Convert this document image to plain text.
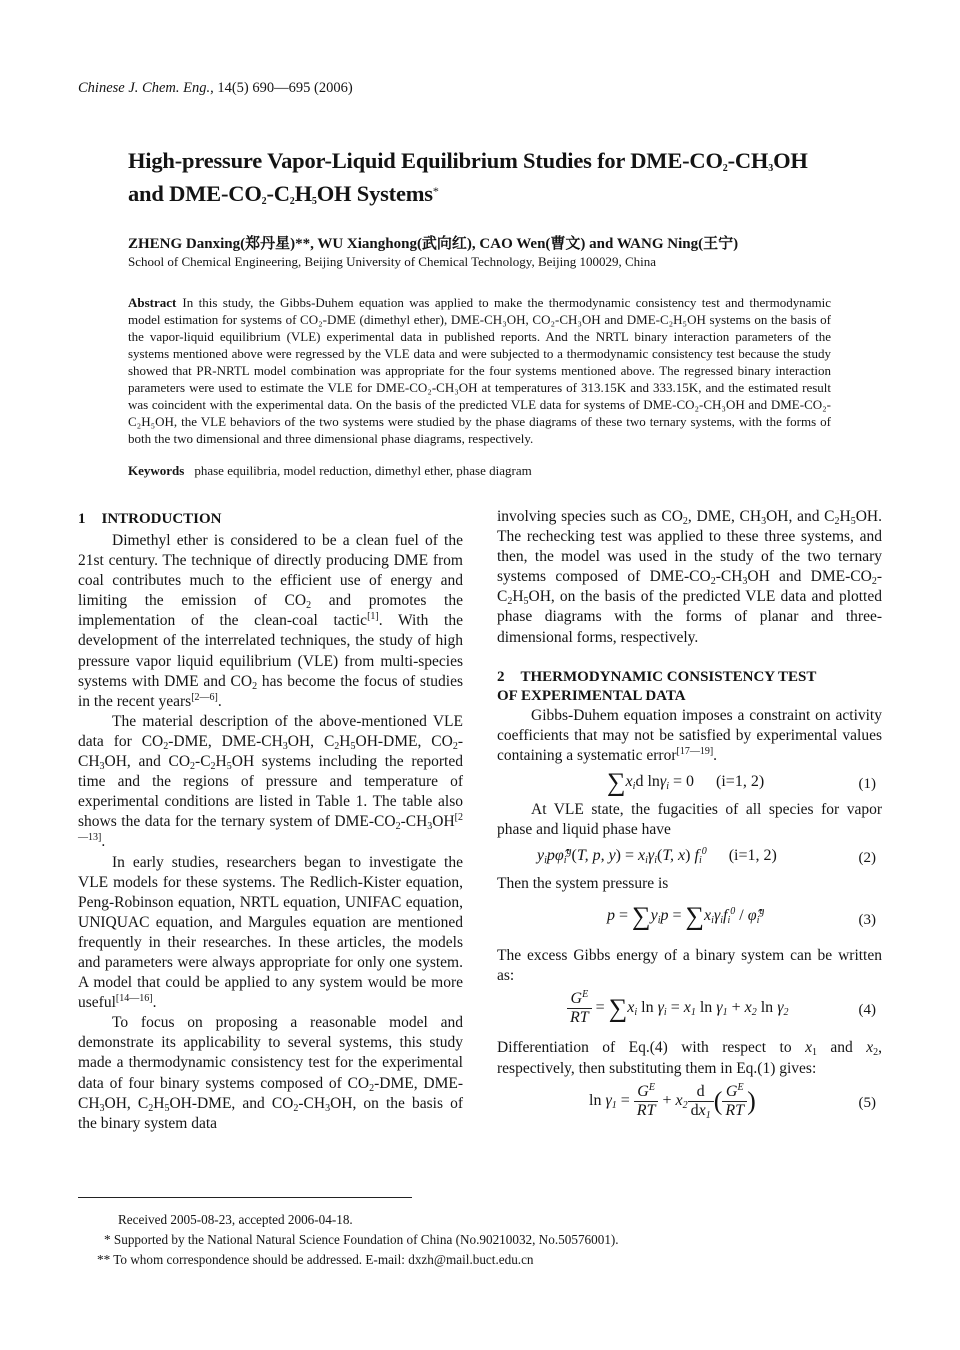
Chinese J. Chem. Eng., 14(5) 690—695 (2006)
High-pressure Vapor-Liquid Equilibrium Studies for DME-$CO_2-CH_3OH$
and DME-$CO_2-C_2H_5OH$ Systems*
ZHENG Danxing(郑丹星)**, WU Xianghong(武向红), CAO Wen(曹文) and WANG Ning(王宁)
School of Chemical Engineering, Beijing University of Chemical Technology, Beijing 100029, China
Abstract In this study, the Gibbs-Duhem equation was applied to make the thermodynamic consistency test and thermodynamic model estimation for systems of CO₂-DME (dimethyl ether), DME-CH₃OH, CO₂-CH₃OH and DME-C₂H₅OH systems on the basis of the vapor-liquid equilibrium (VLE) experimental data in published reports. And the NRTL binary interaction parameters of the systems mentioned above were regressed by the VLE data and were subjected to a thermodynamic consistency test because the study showed that PR-NRTL model combination was appropriate for the four systems mentioned above. The regressed binary interaction parameters were used to estimate the VLE for DME-CO₂-CH₃OH at temperatures of 313.15K and 333.15K, and the estimated result was coincident with the experimental data. On the basis of the predicted VLE data for systems of DME-CO₂-CH₃OH and DME-CO₂-C₂H₅OH, the VLE behaviors of the two systems were studied by the phase diagrams of these two ternary systems, with the forms of both the two dimensional and three dimensional phase diagrams, respectively.
Keywords phase equilibria, model reduction, dimethyl ether, phase diagram
1 INTRODUCTION

Dimethyl ether is considered to be a clean fuel of the 21st century. The technique of directly producing DME from coal contributes much to the efficient use of energy and limiting the emission of $CO_2$ and promotes the implementation of the clean-coal tactic[1]. With the development of the interrelated techniques, the study of high pressure vapor liquid equilibrium (VLE) from multi-species systems with DME and $CO_2$ has become the focus of studies in the recent years[2—6].

The material description of the above-mentioned VLE data for $CO_2$-DME, DME-$CH_3OH$, $C_2H_5OH$-DME, $CO_2-CH_3OH$, and $CO_2-C_2H_5OH$ systems including the reported time and the regions of pressure and temperature of experimental conditions are listed in Table 1. The table also shows the data for the ternary system of DME-$CO_2-CH_3OH[2—13]$.

In early studies, researchers began to investigate the VLE models for these systems. The Redlich-Kister equation, Peng-Robinson equation, NRTL equation, UNIFAC equation, UNIQUAC equation, and Margules equation are mentioned frequently in their researches. In these articles, the models and parameters were always appropriate for only one system. A model that could be applied to any system would be more useful[14—16].

To focus on proposing a reasonable model and demonstrate its applicability to several systems, this study made a thermodynamic consistency test for the experimental data of four binary systems composed of $CO_2$-DME, DME-$CH_3OH$, $C_2H_5OH$-DME, and $CO_2-CH_3OH$, on the basis of the binary system data

involving species such as $CO_2$, DME, $CH_3OH$, and $C_2H_5OH$. The rechecking test was applied to these three systems, and then, the model was used in the study of the two ternary systems composed of DME-$CO_2-CH_3OH$ and DME-$CO_2-C_2H_5OH$, on the basis of the predicted VLE data and plotted phase diagrams with the forms of planar and three-dimensional forms, respectively.

2 THERMODYNAMIC CONSISTENCY TEST
OF EXPERIMENTAL DATA

Gibbs-Duhem equation imposes a constraint on activity coefficients that may not be satisfied by experimental values containing a systematic error[17—19].

$\sum x_id$ lnγ$_i$ = 0 (i=1, 2)	(1)

At VLE state, the fugacities of all species for vapor phase and liquid phase have

$y_ip\varphî_i^g(T$, p, $y) = x_i\gamma_i(T$, x) $f_i^0$ (i=1, 2)	(2)

Then the system pressure is

$p = \sum y_ip = \sum x_i\gamma_if_i^0$ / $\varphî_i^g$
(3)

The excess Gibbs energy of a binary system can be written as:

$\frac{G^E}{RT} = \sum x_i$ $\ln \gamma_i = x_1$ $\ln \gamma_1 + x_2$ $\ln \gamma_2$	(4)

Differentiation of Eq.(4) with respect to $x_1$ and $x_2$, respectively, then substituting them in Eq.(1) gives:

$\ln \gamma_1 = \frac{G^E}{RT} + x_2 \frac{d}{dx_1}$ ( $\frac{G^E}{RT}$ )	(5)
Received 2005-08-23, accepted 2006-04-18.
* Supported by the National Natural Science Foundation of China (No.90210032, No.50576001).
** To whom correspondence should be addressed. E-mail: dxzh@mail.buct.edu.cn
